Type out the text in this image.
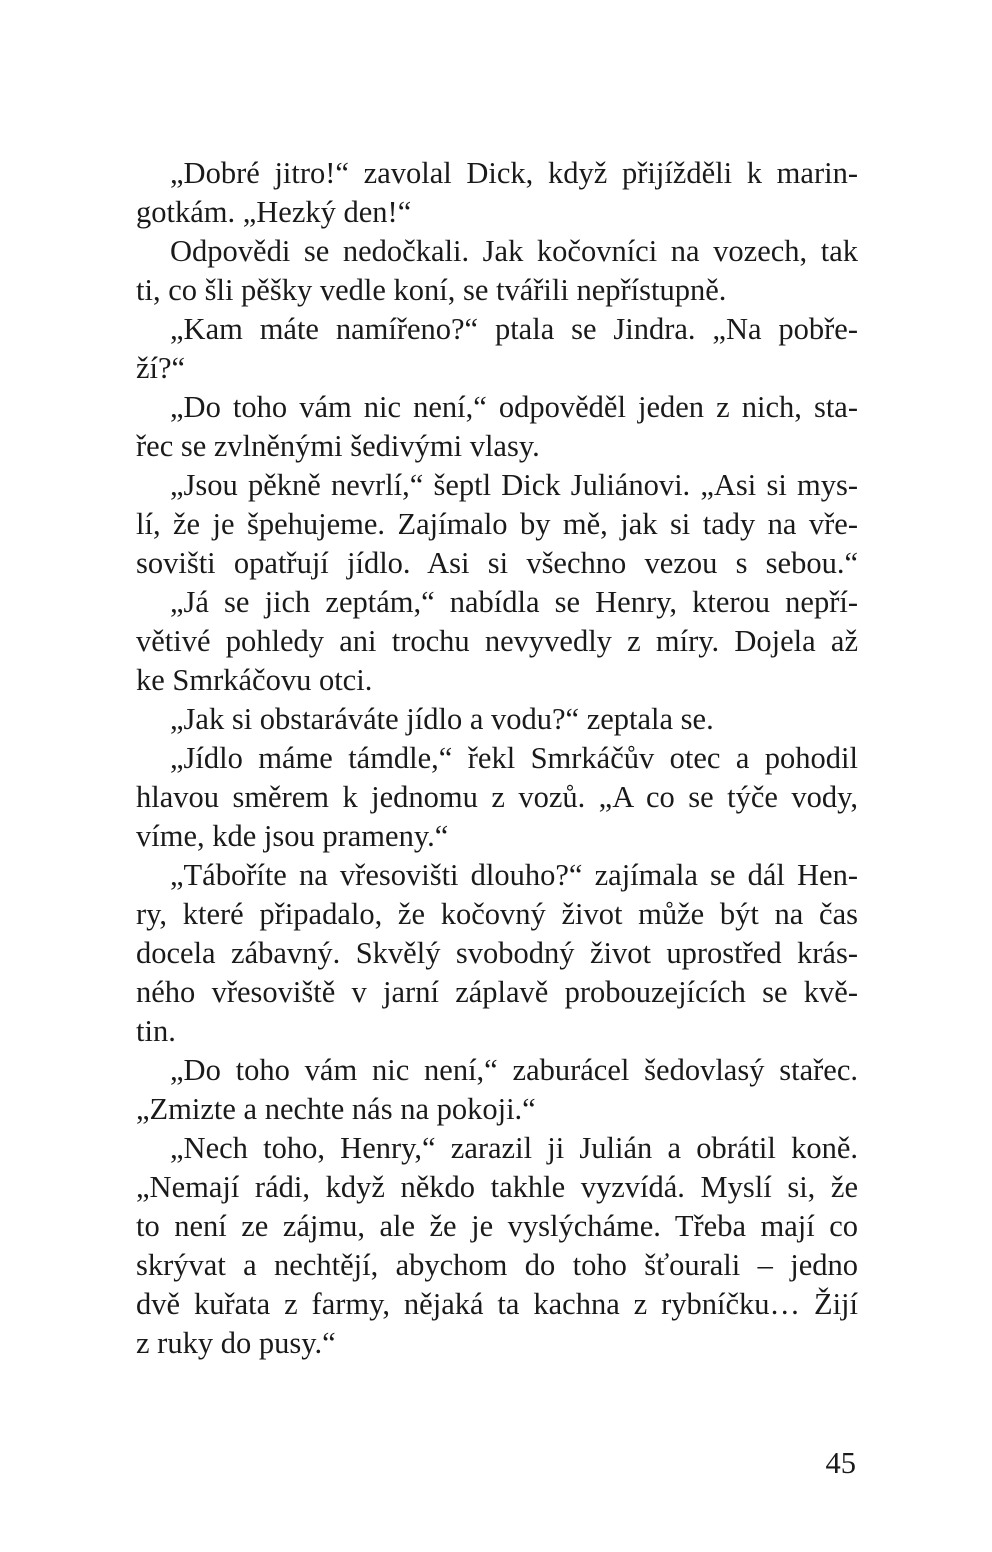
„Dobré jitro!“ zavolal Dick, když přijížděli k marin-
gotkám. „Hezký den!“
Odpovědi se nedočkali. Jak kočovníci na vozech, tak
ti, co šli pěšky vedle koní, se tvářili nepřístupně.
„Kam máte namířeno?“ ptala se Jindra. „Na pobře-
ží?“
„Do toho vám nic není,“ odpověděl jeden z nich, sta-
řec se zvlněnými šedivými vlasy.
„Jsou pěkně nevrlí,“ šeptl Dick Juliánovi. „Asi si mys-
lí, že je špehujeme. Zajímalo by mě, jak si tady na vře-
sovišti opatřují jídlo. Asi si všechno vezou s sebou.“
„Já se jich zeptám,“ nabídla se Henry, kterou nepří-
větivé pohledy ani trochu nevyvedly z míry. Dojela až
ke Smrkáčovu otci.
„Jak si obstaráváte jídlo a vodu?“ zeptala se.
„Jídlo máme támdle,“ řekl Smrkáčův otec a pohodil
hlavou směrem k jednomu z vozů. „A co se týče vody,
víme, kde jsou prameny.“
„Táboříte na vřesovišti dlouho?“ zajímala se dál Hen-
ry, které připadalo, že kočovný život může být na čas
docela zábavný. Skvělý svobodný život uprostřed krás-
ného vřesoviště v jarní záplavě probouzejících se kvě-
tin.
„Do toho vám nic není,“ zaburácel šedovlasý stařec.
„Zmizte a nechte nás na pokoji.“
„Nech toho, Henry,“ zarazil ji Julián a obrátil koně.
„Nemají rádi, když někdo takhle vyzvídá. Myslí si, že
to není ze zájmu, ale že je vyslýcháme. Třeba mají co
skrývat a nechtějí, abychom do toho šťourali – jedno
dvě kuřata z farmy, nějaká ta kachna z rybníčku… Žijí
z ruky do pusy.“
45
